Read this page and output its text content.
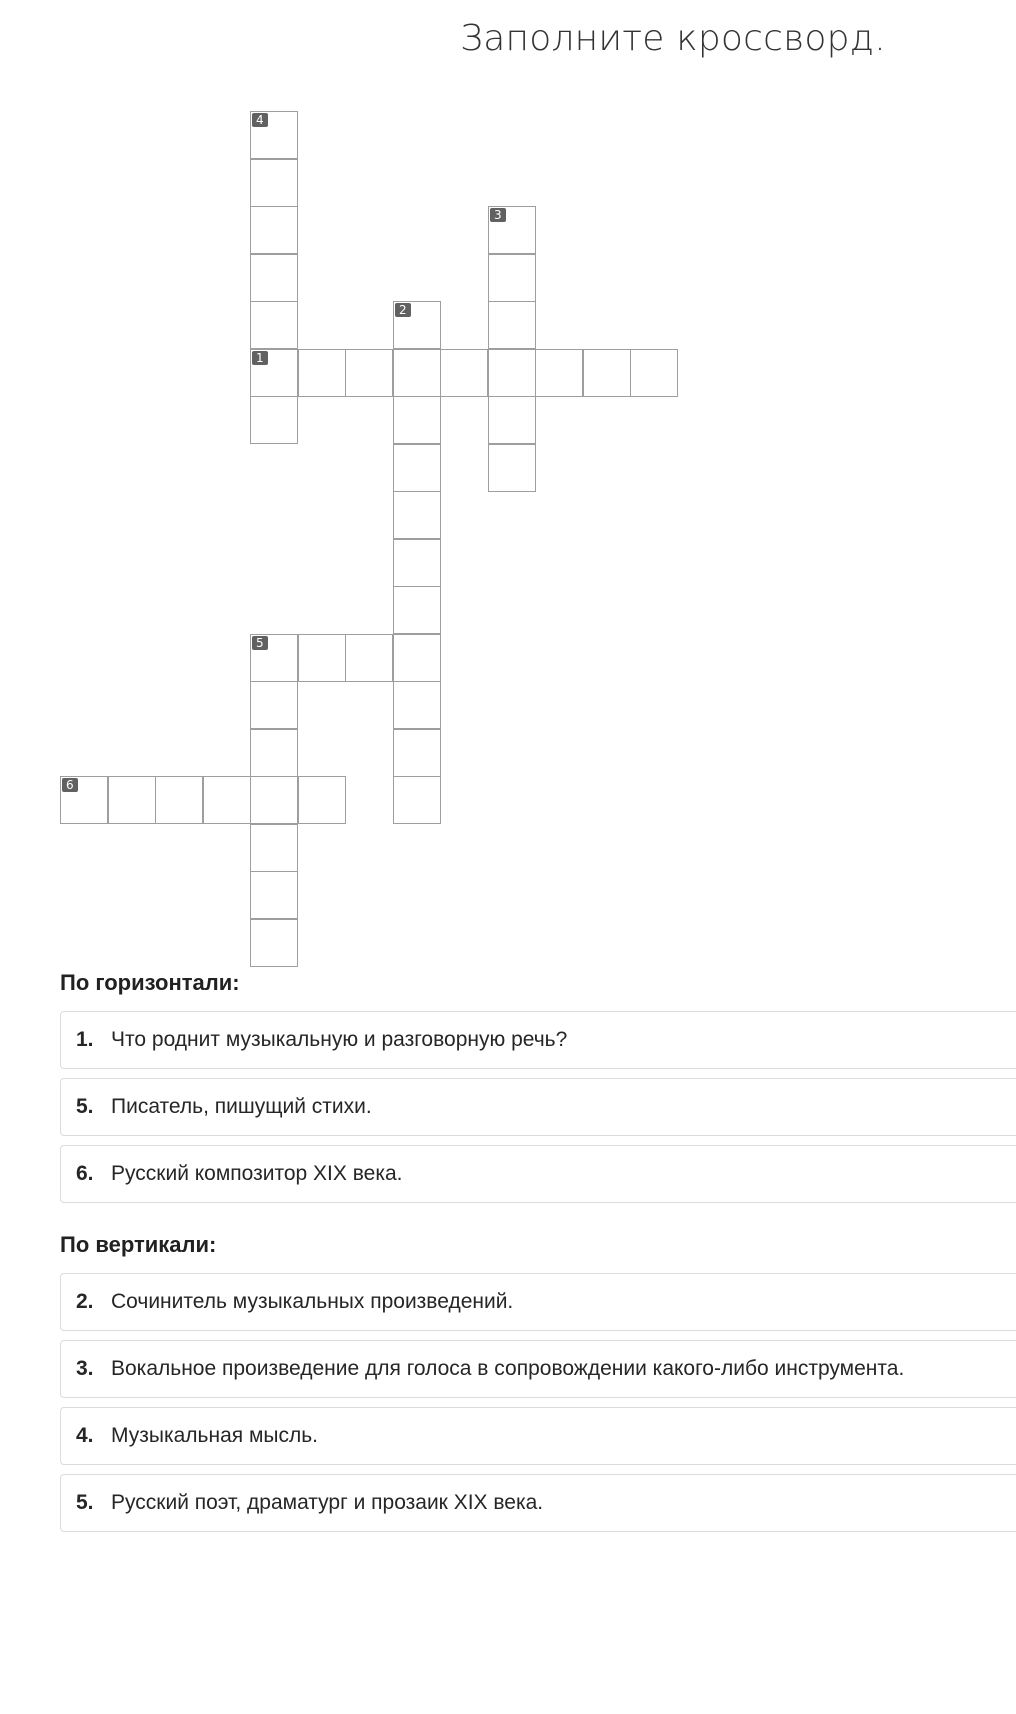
Заполните кроссворд.
4
1
3
2
5
6
По горизонтали:
1. Что роднит музыкальную и разговорную речь?
5. Писатель, пишущий стихи.
6. Русский композитор XIX века.
По вертикали:
2. Сочинитель музыкальных произведений.
3. Вокальное произведение для голоса в сопровождении какого-либо инструмента.
4. Музыкальная мысль.
5. Русский поэт, драматург и прозаик XIX века.
